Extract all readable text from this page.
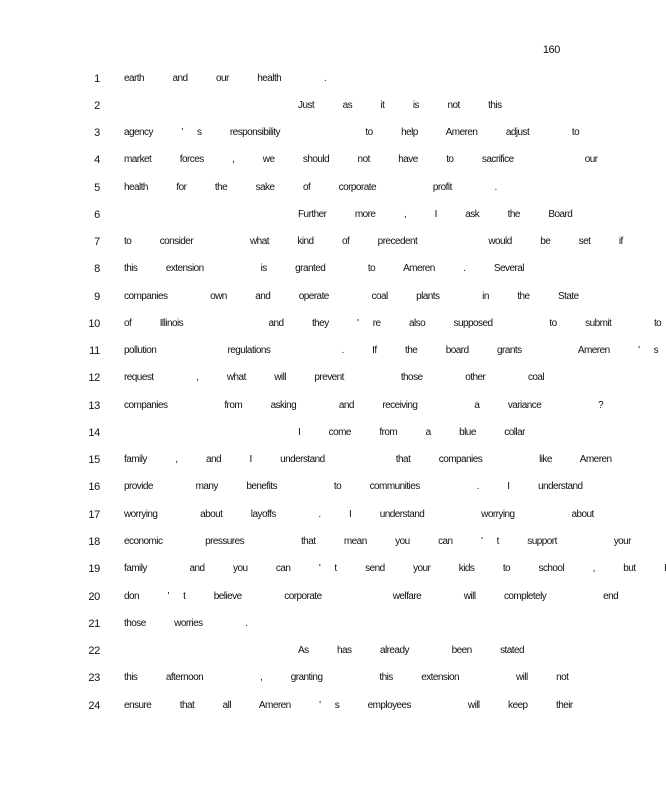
160
1 earth  and  our  health   .
2	Just  as  it  is  not  this
3 agency  ' s  responsibility      to  help  Ameren  adjust   to
4 market  forces  ,  we  should  not  have  to  sacrifice     our
5 health  for  the  sake  of  corporate    profit   .
6	Further  more  ,  I  ask  the  Board
7 to  consider    what  kind  of  precedent     would  be  set  if
8 this  extension    is  granted   to  Ameren  .  Several
9 companies   own  and  operate   coal  plants   in  the  State
10 of  Illinois      and  they  ' re  also  supposed    to  submit   to
11 pollution     regulations     .  If  the  board  grants    Ameren  ' s
12 request   ,  what  will  prevent    those   other   coal
13 companies    from  asking   and  receiving    a  variance    ?
14	I  come  from  a  blue  collar
15 family  ,  and  I  understand     that  companies    like  Ameren
16 provide   many  benefits    to  communities    .  I  understand
17 worrying   about  layoffs   .  I  understand    worrying    about
18 economic   pressures    that  mean  you  can  ' t  support    your
19 family   and  you  can  ' t  send  your  kids  to  school  ,  but  I
20 don  ' t  believe   corporate     welfare   will  completely    end
21 those  worries   .
22	As  has  already   been  stated
23 this  afternoon    ,  granting    this  extension    will  not
24 ensure  that  all  Ameren  ' s  employees    will  keep  their
